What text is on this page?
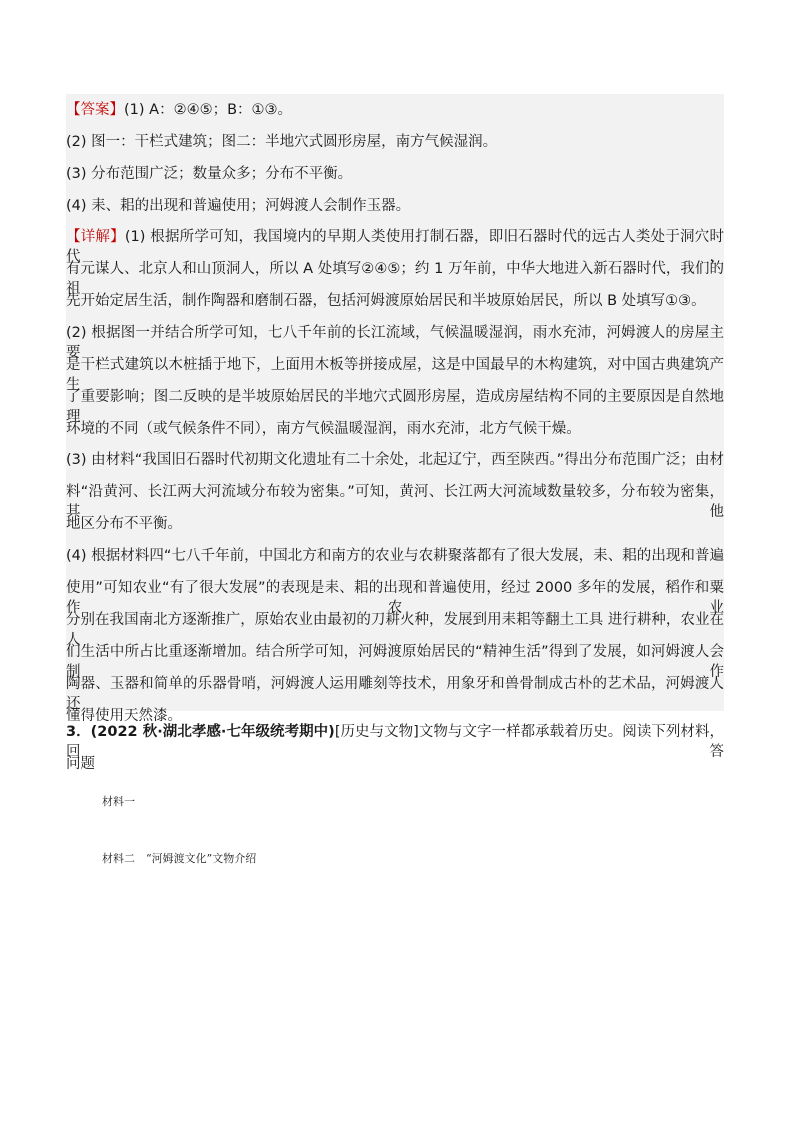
【答案】(1) A：②④⑤；B：①③。
(2) 图一：干栏式建筑；图二：半地穴式圆形房屋，南方气候湿润。
(3) 分布范围广泛；数量众多；分布不平衡。
(4) 耒、耜的出现和普遍使用；河姆渡人会制作玉器。
【详解】(1) 根据所学可知，我国境内的早期人类使用打制石器，即旧石器时代的远古人类处于洞穴时代，
有元谋人、北京人和山顶洞人，所以 A 处填写②④⑤；约 1 万年前，中华大地进入新石器时代，我们的祖
先开始定居生活，制作陶器和磨制石器，包括河姆渡原始居民和半坡原始居民，所以 B 处填写①③。
(2) 根据图一并结合所学可知，七八千年前的长江流域，气候温暖湿润，雨水充沛，河姆渡人的房屋主要
是干栏式建筑以木桩插于地下，上面用木板等拼接成屋，这是中国最早的木构建筑，对中国古典建筑产生
了重要影响；图二反映的是半坡原始居民的半地穴式圆形房屋，造成房屋结构不同的主要原因是自然地理
环境的不同（或气候条件不同），南方气候温暖湿润，雨水充沛，北方气候干燥。
(3) 由材料“我国旧石器时代初期文化遗址有二十余处，北起辽宁，西至陕西。”得出分布范围广泛；由材
料“沿黄河、长江两大河流域分布较为密集。”可知，黄河、长江两大河流域数量较多，分布较为密集，其他
地区分布不平衡。
(4) 根据材料四“七八千年前，中国北方和南方的农业与农耕聚落都有了很大发展，耒、耜的出现和普遍
使用”可知农业“有了很大发展”的表现是耒、耜的出现和普遍使用，经过 2000 多年的发展，稻作和粟作农业
分别在我国南北方逐渐推广，原始农业由最初的刀耕火种，发展到用耒耜等翻土工具 进行耕种，农业在人
们生活中所占比重逐渐增加。结合所学可知，河姆渡原始居民的“精神生活”得到了发展，如河姆渡人会制作
陶器、玉器和简单的乐器骨哨，河姆渡人运用雕刻等技术，用象牙和兽骨制成古朴的艺术品，河姆渡人还
懂得使用天然漆。
3．(2022 秋·湖北孝感·七年级统考期中)[历史与文物]文物与文字一样都承载着历史。阅读下列材料，回答
问题
材料一
材料二　“河姆渡文化”文物介绍
